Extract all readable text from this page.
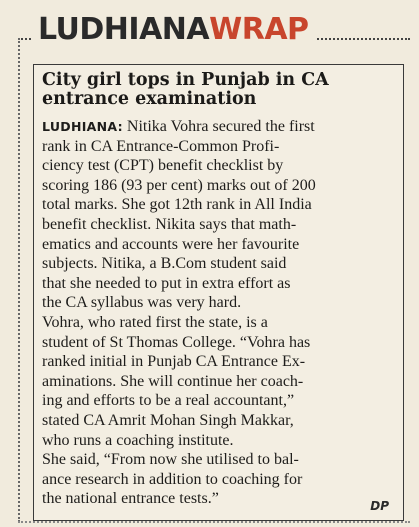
LUDHIANA WRAP
City girl tops in Punjab in CA
entrance examination
LUDHIANA: Nitika Vohra secured the first
rank in CA Entrance-Common Profi-
ciency test (CPT) benefit checklist by
scoring 186 (93 per cent) marks out of 200
total marks. She got 12th rank in All India
benefit checklist. Nikita says that math-
ematics and accounts were her favourite
subjects. Nitika, a B.Com student said
that she needed to put in extra effort as
the CA syllabus was very hard.
Vohra, who rated first the state, is a
student of St Thomas College. “Vohra has
ranked initial in Punjab CA Entrance Ex-
aminations. She will continue her coach-
ing and efforts to be a real accountant,”
stated CA Amrit Mohan Singh Makkar,
who runs a coaching institute.
She said, “From now she utilised to bal-
ance research in addition to coaching for
the national entrance tests.”	DP
